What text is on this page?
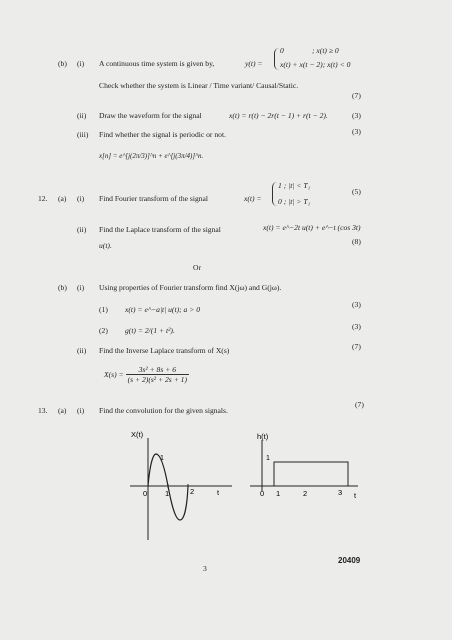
(b) (i) A continuous time system is given by,	y(t) =
0	; x(t) ≥ 0
x(t) + x(t − 2); x(t) < 0
Check whether the system is Linear / Time variant/ Causal/Static.
(7)
(ii) Draw the waveform for the signal	x(t) = r(t) − 2r(t − 1) + r(t − 2).	(3)
(iii) Find whether the signal is periodic or not.	(3)
x[n] = e^[j(2π/3)]^n + e^[j(3π/4)]^n.
12. (a) (i) Find Fourier transform of the signal	x(t) =
1 ; |t| < T₁
0 ; |t| > T₁
(5)
(ii) Find the Laplace transform of the signal	x(t) = e^−2t u(t) + e^−t (cos 3t)
u(t).	(8)
Or
(b) (i) Using properties of Fourier transform find X(jω) and G(jω).
(1) x(t) = e^−a|t| u(t); a > 0
(3)
(2) g(t) = 2/(1 + t²).	(3)
(ii) Find the Inverse Laplace transform of X(s)	(7)
$X(s) = \frac{\text{3s² + 8s + 6}}{\text{(s + 2)(s² + 2s + 1)}}$
13. (a) (i) Find the convolution for the given signals.
(7)
X(t)
1
0 1	2	t
h(t)
1
0 1	2	3 t
3
20409
